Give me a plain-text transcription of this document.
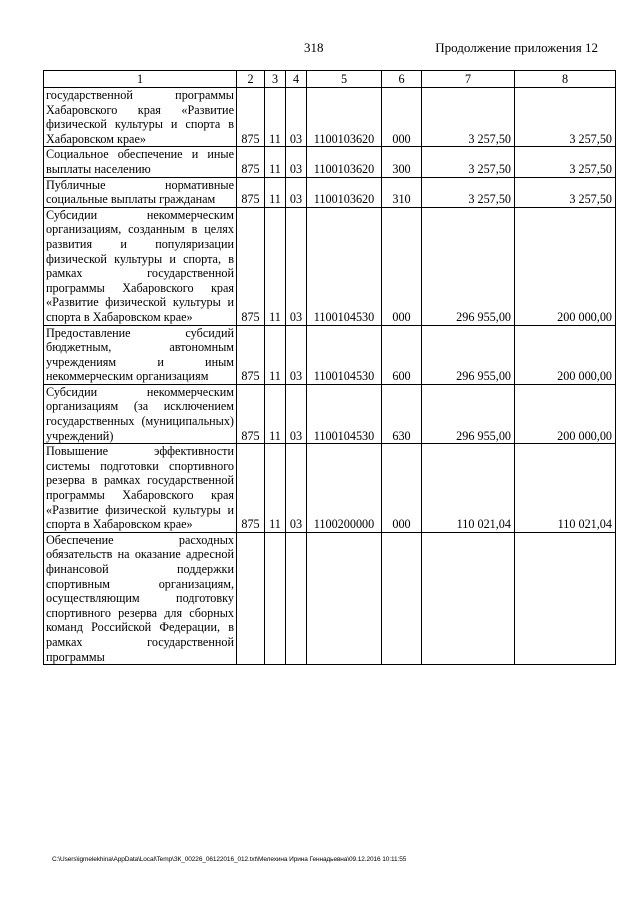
318	Продолжение приложения 12
1	2	3	4	5	6	7	8
государственной программы Хабаровского края «Развитие физической культуры и спорта в Хабаровском крае»	875	11	03	1100103620	000	3 257,50	3 257,50
Социальное обеспечение и иные выплаты населению	875	11	03	1100103620	300	3 257,50	3 257,50
Публичные нормативные социальные выплаты гражданам	875	11	03	1100103620	310	3 257,50	3 257,50
Субсидии некоммерческим организациям, созданным в целях развития и популяризации физической культуры и спорта, в рамках государственной программы Хабаровского края «Развитие физической культуры и спорта в Хабаровском крае»	875	11	03	1100104530	000	296 955,00	200 000,00
Предоставление субсидий бюджетным, автономным учреждениям и иным некоммерческим организациям	875	11	03	1100104530	600	296 955,00	200 000,00
Субсидии некоммерческим организациям (за исключением государственных (муниципальных) учреждений)	875	11	03	1100104530	630	296 955,00	200 000,00
Повышение эффективности системы подготовки спортивного резерва в рамках государственной программы Хабаровского края «Развитие физической культуры и спорта в Хабаровском крае»	875	11	03	1100200000	000	110 021,04	110 021,04
Обеспечение расходных обязательств на оказание адресной финансовой поддержки спортивным организациям, осуществляющим подготовку спортивного резерва для сборных команд Российской Федерации, в рамках государственной программы							
C:\Users\igmelekhina\AppData\Local\Temp\ЗК_00226_06122016_012.txt\Мелехина Ирина Геннадьевна\09.12.2016 10:11:55
